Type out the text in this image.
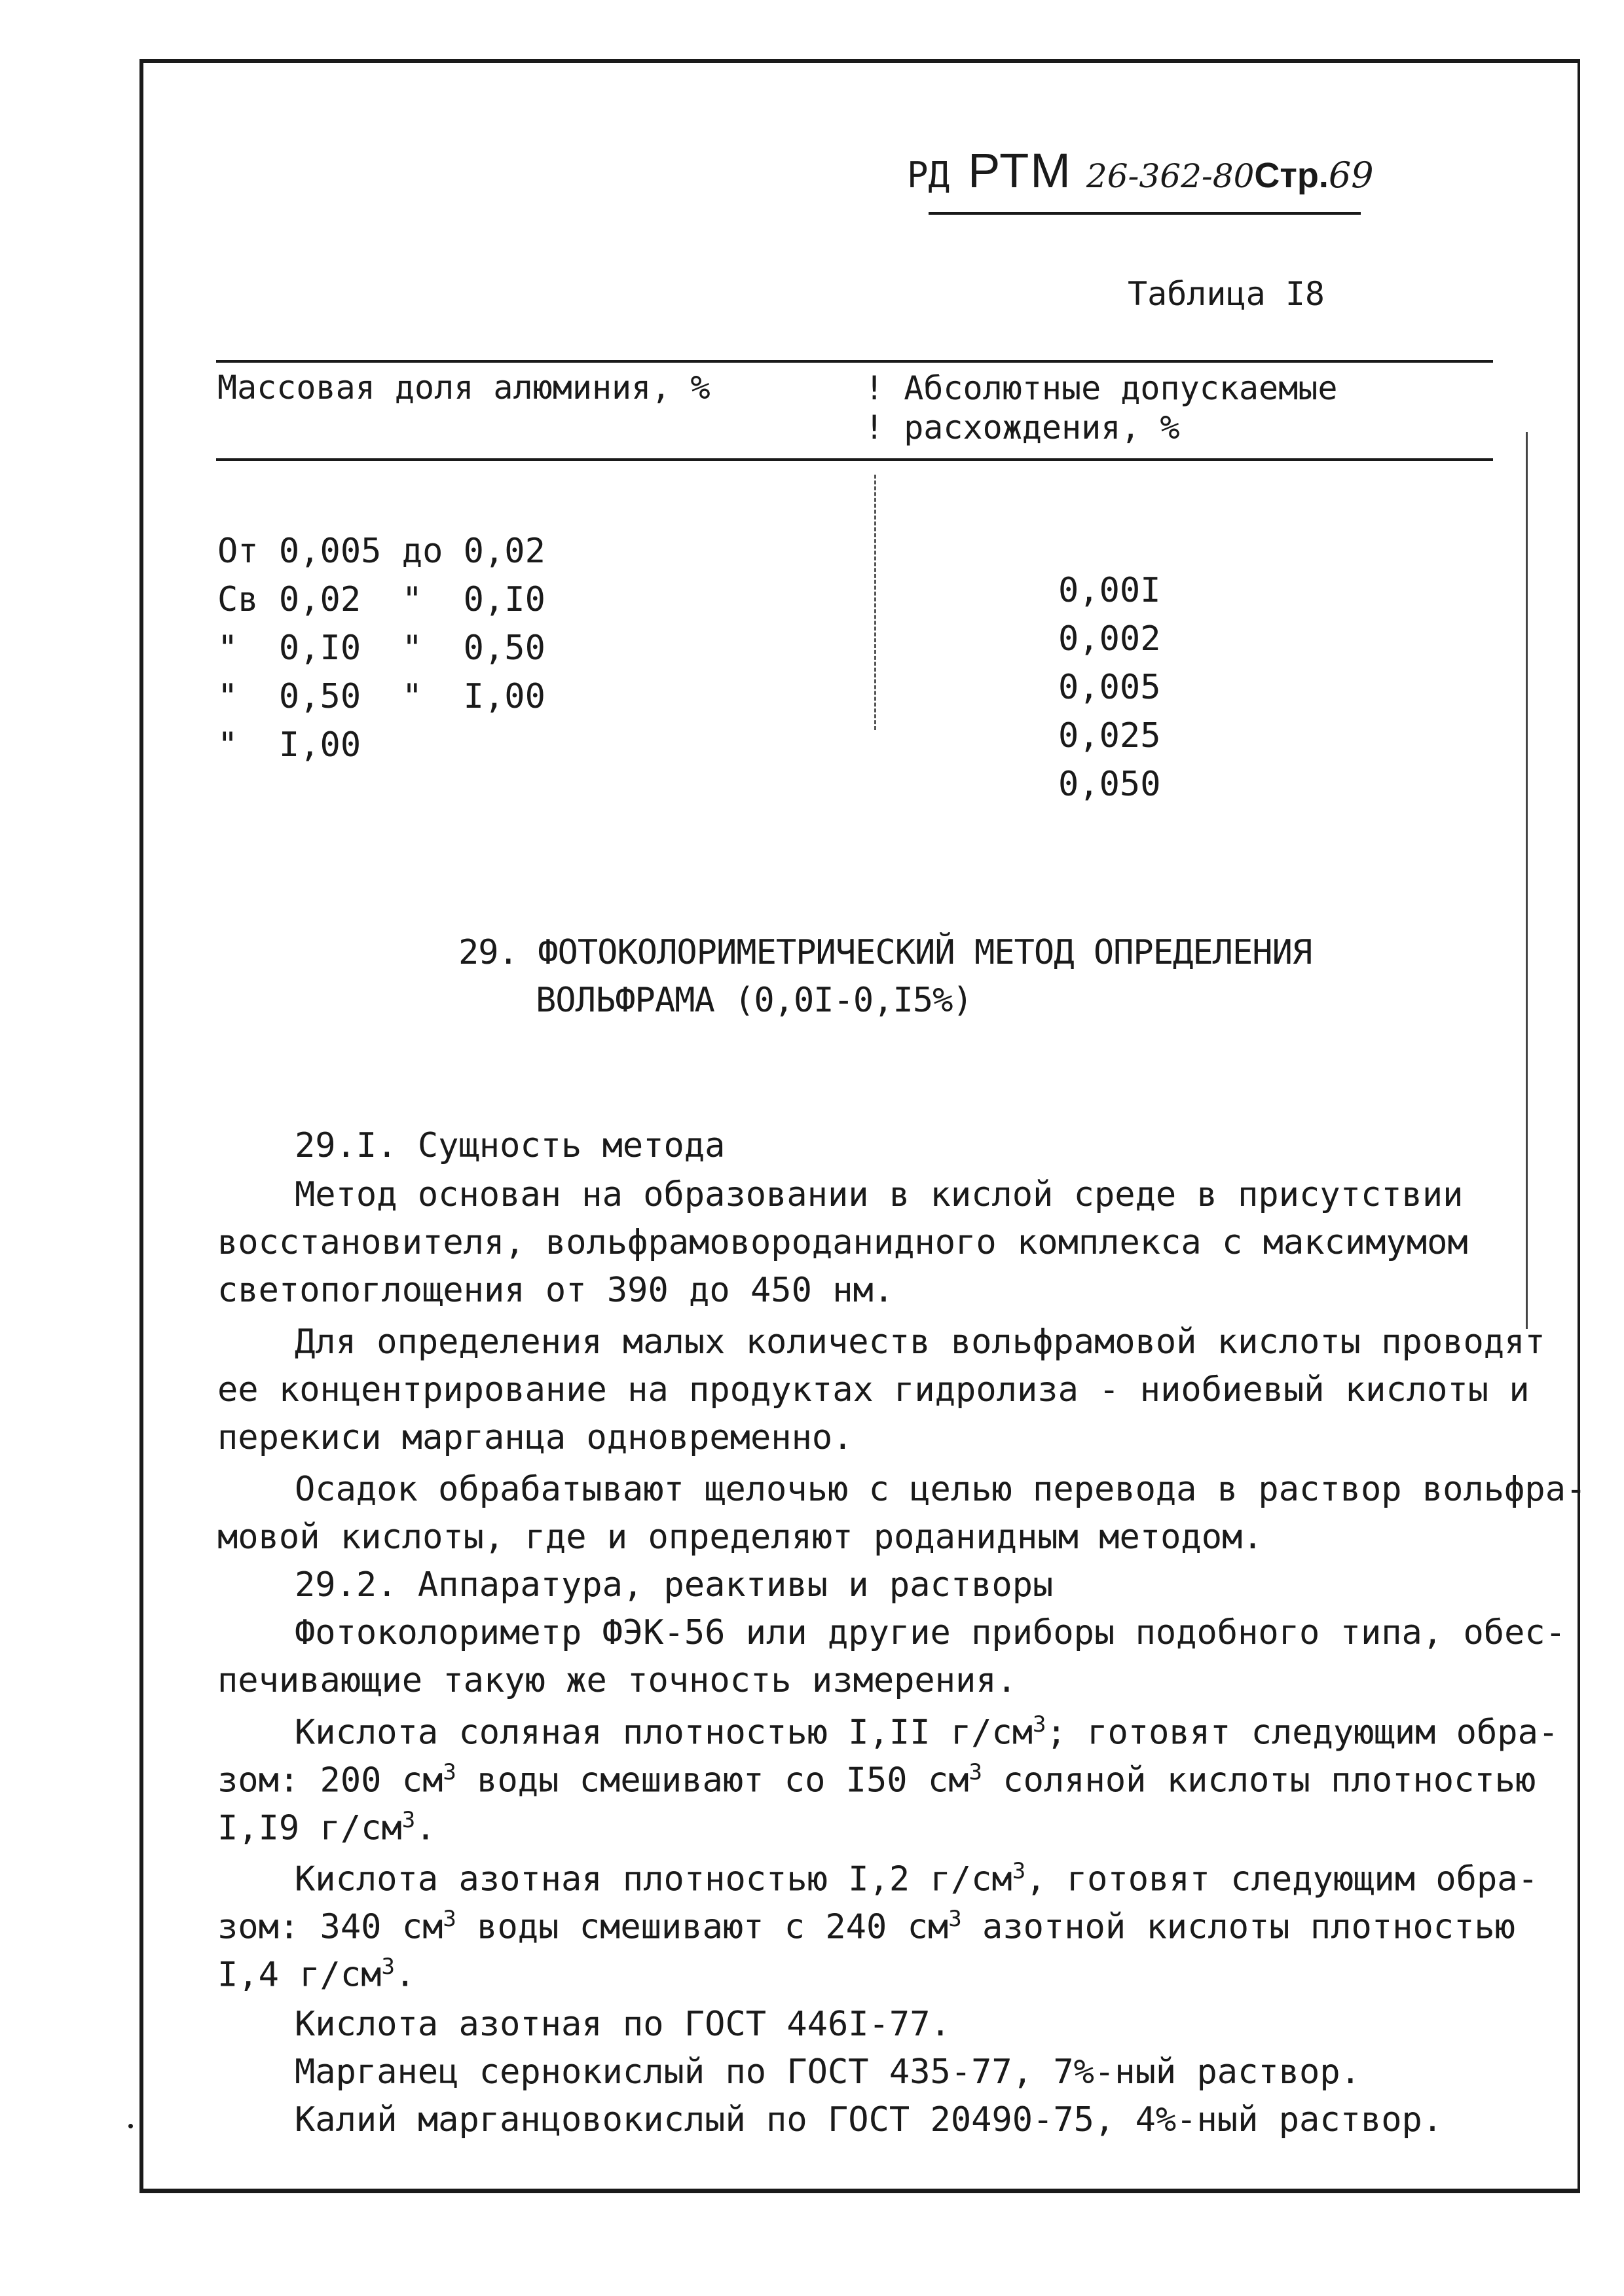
РД РТМ 26-362-80 Стр. 69
Таблица I8
Массовая доля алюминия, %	! Абсолютные допускаемые
! расхождения, %

От 0,005 до 0,02

0,00I

Св 0,02  "  0,I0

0,002

"  0,I0  "  0,50

0,005

"  0,50  "  I,00

0,025

"  I,00

0,050

29. ФОТОКОЛОРИМЕТРИЧЕСКИЙ МЕТОД ОПРЕДЕЛЕНИЯ
ВОЛЬФРАМА (0,0I-0,I5%)
29.I. Сущность метода
Метод основан на образовании в кислой среде в присутствии
восстановителя, вольфрамовороданидного комплекса с максимумом
светопоглощения от 390 до 450 нм.
Для определения малых количеств вольфрамовой кислоты проводят
ее концентрирование на продуктах гидролиза - ниобиевый кислоты и
перекиси марганца одновременно.
Осадок обрабатывают щелочью с целью перевода в раствор вольфра-
мовой кислоты, где и определяют роданидным методом.
29.2. Аппаратура, реактивы и растворы
Фотоколориметр ФЭК-56 или другие приборы подобного типа, обес-
печивающие такую же точность измерения.
Кислота соляная плотностью I,II $г/см^3$; готовят следующим обра-
зом: 200 $см^3$ воды смешивают со I50 $см^3$ соляной кислоты плотностью
I,I9 $г/см^3$.
Кислота азотная плотностью I,2 $г/см^3$, готовят следующим обра-
зом: 340 $см^3$ воды смешивают с 240 $см^3$ азотной кислоты плотностью
I,4 $г/см^3$.
Кислота азотная по ГОСТ 446I-77.
Марганец сернокислый по ГОСТ 435-77, 7%-ный раствор.
Калий марганцовокислый по ГОСТ 20490-75, 4%-ный раствор.
